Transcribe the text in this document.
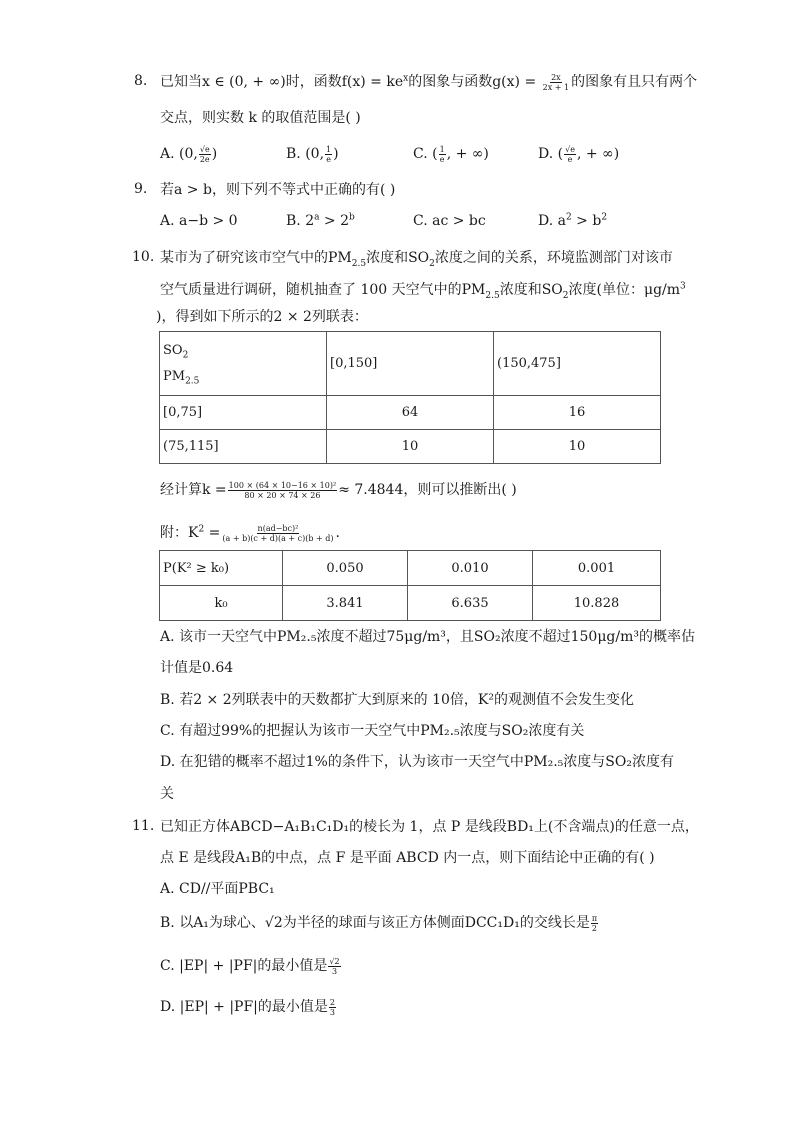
8. 已知当x ∈ (0, + ∞)时，函数$f(x) = ke^x$的图象与函数$g(x) = \frac{2x}{2x + 1}$ 的图象有且只有两个
交点，则实数 k 的取值范围是( )
A. (0, $\frac{√e}{2e}$ )	B. (0, $\frac{1}{e}$ )	C. ( $\frac{1}{e}$ , + ∞)	D. ( $\frac{√e}{e}$ , + ∞)
9. 若a > b，则下列不等式中正确的有( )
A. a−b > 0	B. $2^a > 2^b$	C. ac > bc	D. $a^2 > b^2$
10. 某市为了研究该市空气中的$PM_{2.5}$浓度和$SO_2$浓度之间的关系，环境监测部门对该市
空气质量进行调研，随机抽查了 100 天空气中的$PM_{2.5}$浓度和$SO_2$浓度(单位：$\mu g/m^3$
)，得到如下所示的2 × 2列联表：
$SO_2$
$PM_{2.5}$	[0,150]	(150,475]
[0,75]	64	16
(75,115]	10	10
经计算$k = \frac{\text{100 × (64 × 10−16 × 10)²}}{80 \times 20 \times 74 \times 26} \approx 7.4844$，则可以推断出( )
附：$K^2 = \frac{\text{n(ad−bc)²}}{(a + b)(c + d)(a + c)(b + d)}$ .
P(K² ≥ k₀)	0.050	0.010	0.001
k₀	3.841	6.635	10.828
A. 该市一天空气中PM₂.₅浓度不超过75μg/m³，且SO₂浓度不超过150μg/m³的概率估
计值是0.64
B. 若2 × 2列联表中的天数都扩大到原来的 10倍，K²的观测值不会发生变化
C. 有超过99%的把握认为该市一天空气中PM₂.₅浓度与SO₂浓度有关
D. 在犯错的概率不超过1%的条件下，认为该市一天空气中PM₂.₅浓度与SO₂浓度有
关
11. 已知正方体ABCD−A₁B₁C₁D₁的棱长为 1，点 P 是线段BD₁上(不含端点)的任意一点，
点 E 是线段A₁B的中点，点 F 是平面 ABCD 内一点，则下面结论中正确的有( )
A. CD//平面PBC₁
B. 以A₁为球心、√2为半径的球面与该正方体侧面DCC₁D₁的交线长是 $\frac{\pi}{2}$
C. |EP| + |PF|的最小值是 $\frac{√2}{3}$
D. |EP| + |PF|的最小值是 $\frac{2}{3}$
